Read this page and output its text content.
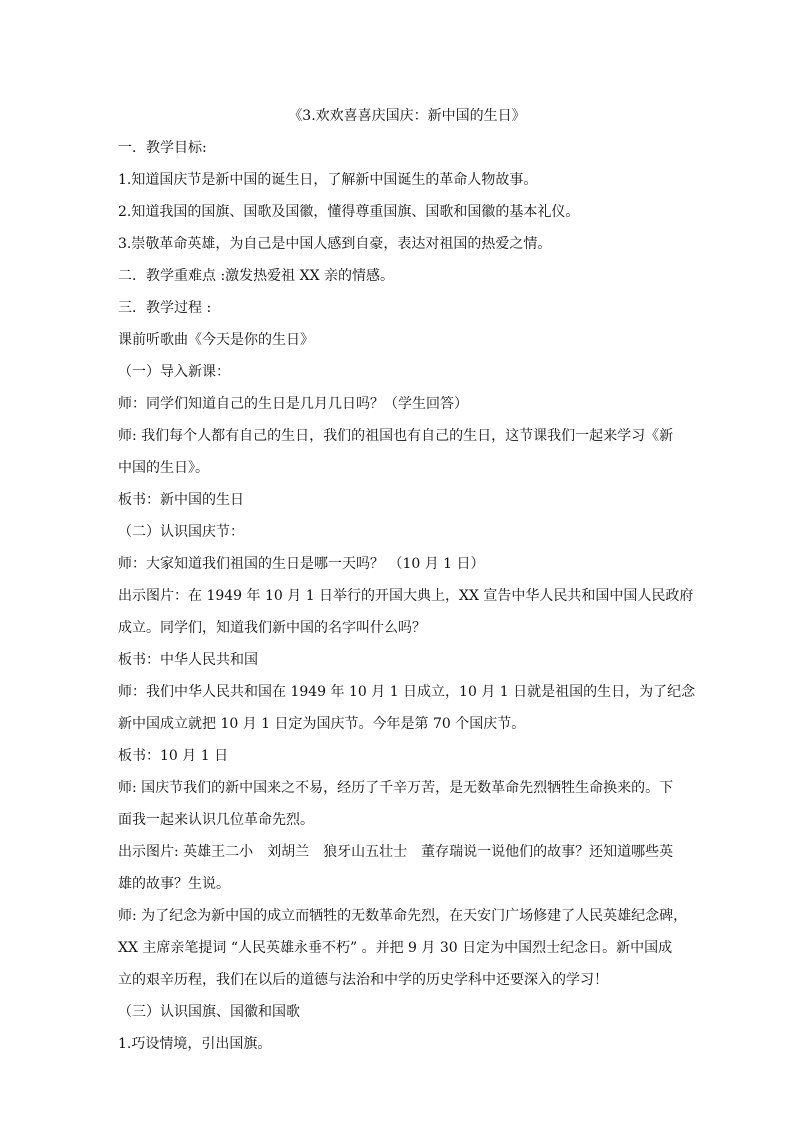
《3.欢欢喜喜庆国庆：新中国的生日》
一．教学目标:
1.知道国庆节是新中国的诞生日，了解新中国诞生的革命人物故事。
2.知道我国的国旗、国歌及国徽，懂得尊重国旗、国歌和国徽的基本礼仪。
3.崇敬革命英雄，为自己是中国人感到自豪，表达对祖国的热爱之情。
二．教学重难点 :激发热爱祖 XX 亲的情感。
三．教学过程 :
课前听歌曲《今天是你的生日》
（一）导入新课：
师：同学们知道自己的生日是几月几日吗？（学生回答）
师: 我们每个人都有自己的生日，我们的祖国也有自己的生日，这节课我们一起来学习《新
中国的生日》。
板书：新中国的生日
（二）认识国庆节：
师：大家知道我们祖国的生日是哪一天吗？ （10 月 1 日）
出示图片：在 1949 年 10 月 1 日举行的开国大典上，XX 宣告中华人民共和国中国人民政府
成立。同学们，知道我们新中国的名字叫什么吗？
板书：中华人民共和国
师：我们中华人民共和国在 1949 年 10 月 1 日成立，10 月 1 日就是祖国的生日，为了纪念
新中国成立就把 10 月 1 日定为国庆节。今年是第 70 个国庆节。
板书：10 月 1 日
师: 国庆节我们的新中国来之不易，经历了千辛万苦，是无数革命先烈牺牲生命换来的。下
面我一起来认识几位革命先烈。
出示图片: 英雄王二小　刘胡兰　狼牙山五壮士　董存瑞说一说他们的故事？还知道哪些英
雄的故事？生说。
师: 为了纪念为新中国的成立而牺牲的无数革命先烈，在天安门广场修建了人民英雄纪念碑，
XX 主席亲笔提词 “人民英雄永垂不朽” 。并把 9 月 30 日定为中国烈士纪念日。新中国成
立的艰辛历程，我们在以后的道德与法治和中学的历史学科中还要深入的学习！
（三）认识国旗、国徽和国歌
1.巧设情境，引出国旗。
